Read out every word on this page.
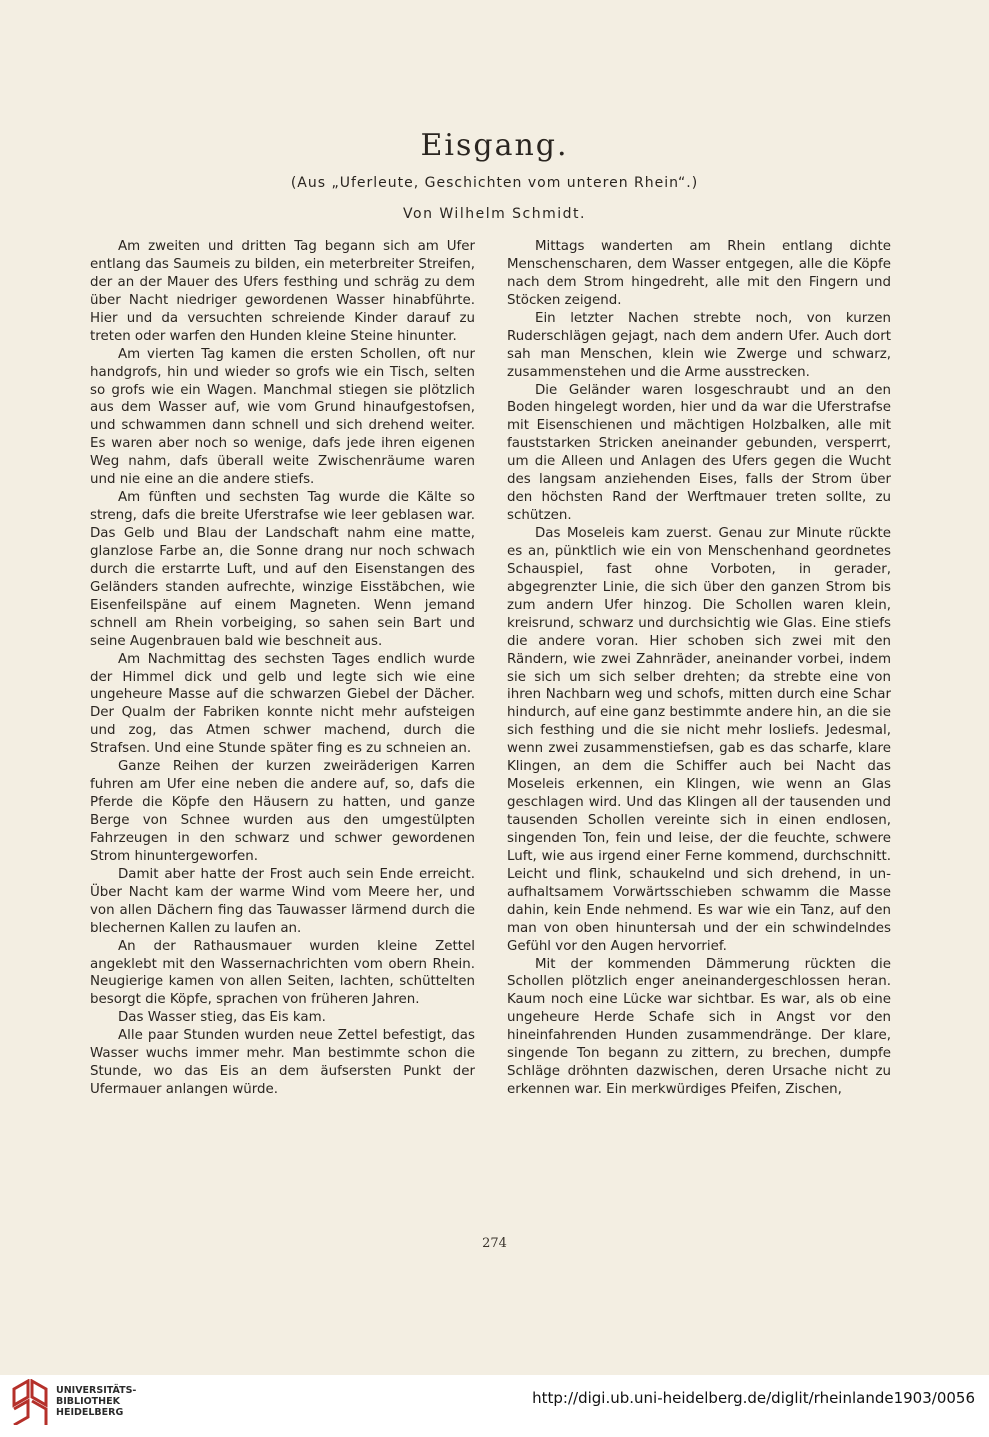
Eisgang.
(Aus „Uferleute, Geschichten vom unteren Rhein“.)
Von Wilhelm Schmidt.

Am zweiten und dritten Tag begann sich am Ufer entlang das Saumeis zu bilden, ein meterbreiter Streifen, der an der Mauer des Ufers festhing und schräg zu dem über Nacht niedriger gewordenen Wasser hinabführte. Hier und da versuchten schreiende Kinder darauf zu treten oder warfen den Hunden kleine Steine hinunter.

Am vierten Tag kamen die ersten Schollen, oft nur handgrofs, hin und wieder so grofs wie ein Tisch, selten so grofs wie ein Wagen. Manchmal stiegen sie plötzlich aus dem Wasser auf, wie vom Grund hinaufgestofsen, und schwammen dann schnell und sich drehend weiter. Es waren aber noch so wenige, dafs jede ihren eigenen Weg nahm, dafs überall weite Zwischenräume waren und nie eine an die andere stiefs.

Am fünften und sechsten Tag wurde die Kälte so streng, dafs die breite Uferstrafse wie leer geblasen war. Das Gelb und Blau der Landschaft nahm eine matte, glanzlose Farbe an, die Sonne drang nur noch schwach durch die erstarrte Luft, und auf den Eisenstangen des Geländers standen aufrechte, winzige Eisstäbchen, wie Eisenfeilspäne auf einem Magneten. Wenn jemand schnell am Rhein vorbeiging, so sahen sein Bart und seine Augenbrauen bald wie beschneit aus.

Am Nachmittag des sechsten Tages endlich wurde der Himmel dick und gelb und legte sich wie eine ungeheure Masse auf die schwarzen Giebel der Dächer. Der Qualm der Fabriken konnte nicht mehr aufsteigen und zog, das Atmen schwer machend, durch die Strafsen. Und eine Stunde später fing es zu schneien an.

Ganze Reihen der kurzen zweiräderigen Karren fuhren am Ufer eine neben die andere auf, so, dafs die Pferde die Köpfe den Häusern zu hatten, und ganze Berge von Schnee wurden aus den umgestülpten Fahrzeugen in den schwarz und schwer gewordenen Strom hinuntergeworfen.

Damit aber hatte der Frost auch sein Ende erreicht. Über Nacht kam der warme Wind vom Meere her, und von allen Dächern fing das Tauwasser lärmend durch die blechernen Kallen zu laufen an.

An der Rathausmauer wurden kleine Zettel angeklebt mit den Wassernachrichten vom obern Rhein. Neugierige kamen von allen Seiten, lachten, schüttelten besorgt die Köpfe, sprachen von früheren Jahren.

Das Wasser stieg, das Eis kam.

Alle paar Stunden wurden neue Zettel befestigt, das Wasser wuchs immer mehr. Man bestimmte schon die Stunde, wo das Eis an dem äufsersten Punkt der Ufermauer anlangen würde.

Mittags wanderten am Rhein entlang dichte Menschenscharen, dem Wasser entgegen, alle die Köpfe nach dem Strom hingedreht, alle mit den Fingern und Stöcken zeigend.

Ein letzter Nachen strebte noch, von kurzen Ruderschlägen gejagt, nach dem andern Ufer. Auch dort sah man Menschen, klein wie Zwerge und schwarz, zusammenstehen und die Arme ausstrecken.

Die Geländer waren losgeschraubt und an den Boden hingelegt worden, hier und da war die Uferstrafse mit Eisenschienen und mächtigen Holzbalken, alle mit fauststarken Stricken aneinander gebunden, versperrt, um die Alleen und Anlagen des Ufers gegen die Wucht des langsam anziehenden Eises, falls der Strom über den höchsten Rand der Werftmauer treten sollte, zu schützen.

Das Moseleis kam zuerst. Genau zur Minute rückte es an, pünktlich wie ein von Menschenhand geordnetes Schauspiel, fast ohne Vorboten, in gerader, abgegrenzter Linie, die sich über den ganzen Strom bis zum andern Ufer hinzog. Die Schollen waren klein, kreisrund, schwarz und durchsichtig wie Glas. Eine stiefs die andere voran. Hier schoben sich zwei mit den Rändern, wie zwei Zahnräder, aneinander vorbei, indem sie sich um sich selber drehten; da strebte eine von ihren Nachbarn weg und schofs, mitten durch eine Schar hindurch, auf eine ganz bestimmte andere hin, an die sie sich festhing und die sie nicht mehr losliefs. Jedesmal, wenn zwei zusammenstiefsen, gab es das scharfe, klare Klingen, an dem die Schiffer auch bei Nacht das Moseleis erkennen, ein Klingen, wie wenn an Glas geschlagen wird. Und das Klingen all der tausenden und tausenden Schollen vereinte sich in einen endlosen, singenden Ton, fein und leise, der die feuchte, schwere Luft, wie aus irgend einer Ferne kommend, durchschnitt. Leicht und flink, schaukelnd und sich drehend, in unaufhaltsamem Vorwärtsschieben schwamm die Masse dahin, kein Ende nehmend. Es war wie ein Tanz, auf den man von oben hinuntersah und der ein schwindelndes Gefühl vor den Augen hervorrief.

Mit der kommenden Dämmerung rückten die Schollen plötzlich enger aneinandergeschlossen heran. Kaum noch eine Lücke war sichtbar. Es war, als ob eine ungeheure Herde Schafe sich in Angst vor den hineinfahrenden Hunden zusammendränge. Der klare, singende Ton begann zu zittern, zu brechen, dumpfe Schläge dröhnten dazwischen, deren Ursache nicht zu erkennen war. Ein merkwürdiges Pfeifen, Zischen,

274
UNIVERSITÄTS-
BIBLIOTHEK
HEIDELBERG
http://digi.ub.uni-heidelberg.de/diglit/rheinlande1903/0056
